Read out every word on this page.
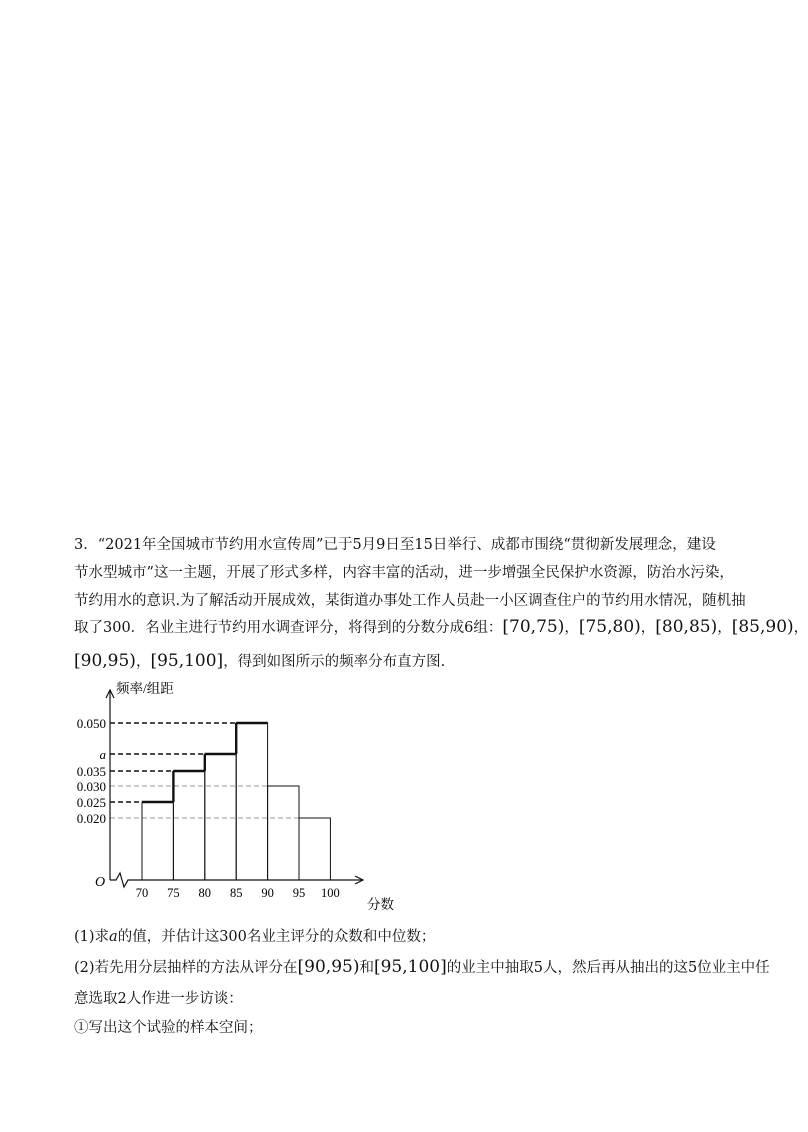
3．“2021年全国城市节约用水宣传周”已于5月9日至15日举行、成都市围绕“贯彻新发展理念，建设
节水型城市”这一主题，开展了形式多样，内容丰富的活动，进一步增强全民保护水资源，防治水污染，
节约用水的意识.为了解活动开展成效，某街道办事处工作人员赴一小区调查住户的节约用水情况，随机抽
取了300．名业主进行节约用水调查评分，将得到的分数分成6组：[70,75)，[75,80)，[80,85)，[85,90)，
[90,95)，[95,100]，得到如图所示的频率分布直方图.
0.020
0.025
0.030
0.035
a
0.050
70 75 80 85 90 95 100
O
频率/组距
分数
(1)求a的值，并估计这300名业主评分的众数和中位数；
(2)若先用分层抽样的方法从评分在[90,95)和[95,100]的业主中抽取5人，然后再从抽出的这5位业主中任
意选取2人作进一步访谈：
①写出这个试验的样本空间；
